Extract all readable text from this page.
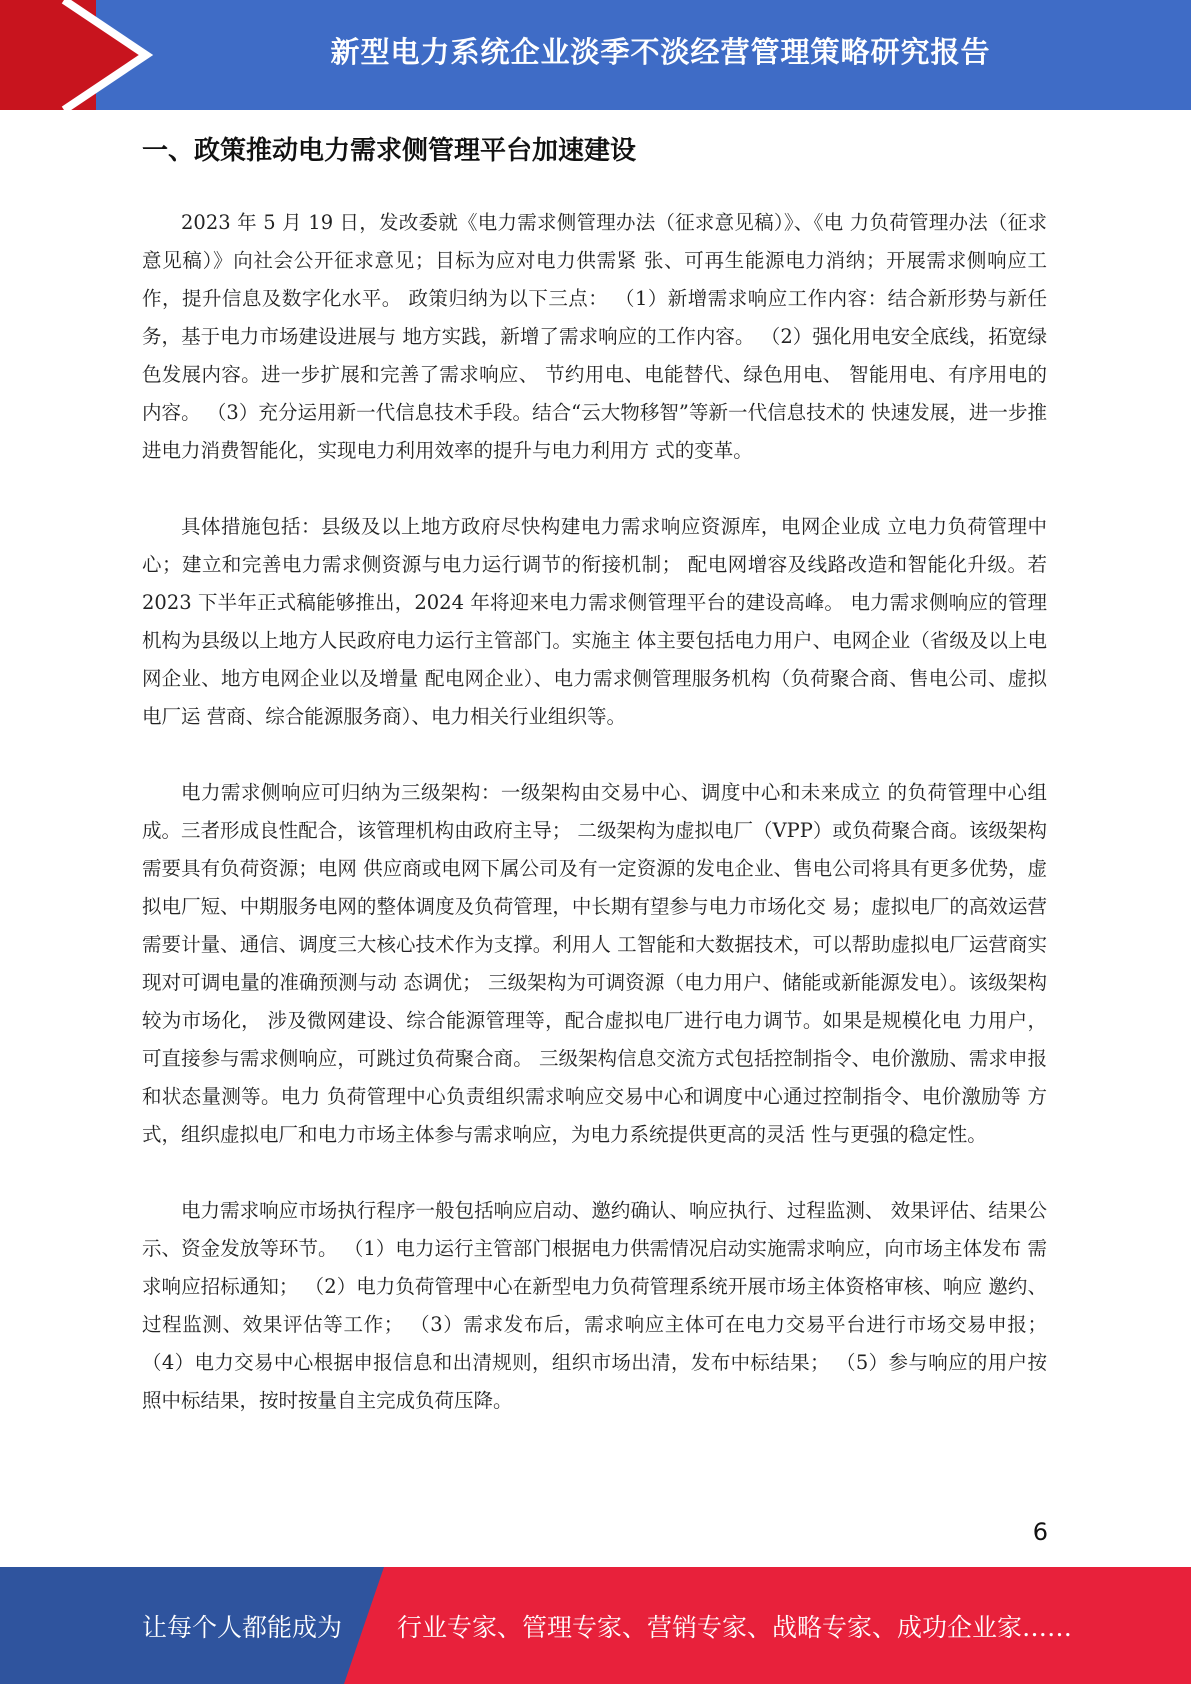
新型电力系统企业淡季不淡经营管理策略研究报告
一、政策推动电力需求侧管理平台加速建设

2023 年 5 月 19 日，发改委就《电力需求侧管理办法（征求意见稿）》、《电 力负荷管理办法（征求意见稿）》向社会公开征求意见；目标为应对电力供需紧 张、可再生能源电力消纳；开展需求侧响应工作，提升信息及数字化水平。 政策归纳为以下三点： （1）新增需求响应工作内容：结合新形势与新任务，基于电力市场建设进展与 地方实践，新增了需求响应的工作内容。 （2）强化用电安全底线，拓宽绿色发展内容。进一步扩展和完善了需求响应、 节约用电、电能替代、绿色用电、 智能用电、有序用电的内容。 （3）充分运用新一代信息技术手段。结合“云大物移智”等新一代信息技术的 快速发展，进一步推进电力消费智能化，实现电力利用效率的提升与电力利用方 式的变革。

具体措施包括：县级及以上地方政府尽快构建电力需求响应资源库，电网企业成 立电力负荷管理中心；建立和完善电力需求侧资源与电力运行调节的衔接机制； 配电网增容及线路改造和智能化升级。若 2023 下半年正式稿能够推出，2024 年将迎来电力需求侧管理平台的建设高峰。 电力需求侧响应的管理机构为县级以上地方人民政府电力运行主管部门。实施主 体主要包括电力用户、电网企业（省级及以上电网企业、地方电网企业以及增量 配电网企业）、电力需求侧管理服务机构（负荷聚合商、售电公司、虚拟电厂运 营商、综合能源服务商）、电力相关行业组织等。

电力需求侧响应可归纳为三级架构：一级架构由交易中心、调度中心和未来成立 的负荷管理中心组成。三者形成良性配合，该管理机构由政府主导； 二级架构为虚拟电厂（VPP）或负荷聚合商。该级架构需要具有负荷资源；电网 供应商或电网下属公司及有一定资源的发电企业、售电公司将具有更多优势，虚 拟电厂短、中期服务电网的整体调度及负荷管理，中长期有望参与电力市场化交 易；虚拟电厂的高效运营需要计量、通信、调度三大核心技术作为支撑。利用人 工智能和大数据技术，可以帮助虚拟电厂运营商实现对可调电量的准确预测与动 态调优； 三级架构为可调资源（电力用户、储能或新能源发电）。该级架构较为市场化， 涉及微网建设、综合能源管理等，配合虚拟电厂进行电力调节。如果是规模化电 力用户，可直接参与需求侧响应，可跳过负荷聚合商。 三级架构信息交流方式包括控制指令、电价激励、需求申报和状态量测等。电力 负荷管理中心负责组织需求响应交易中心和调度中心通过控制指令、电价激励等 方式，组织虚拟电厂和电力市场主体参与需求响应，为电力系统提供更高的灵活 性与更强的稳定性。

电力需求响应市场执行程序一般包括响应启动、邀约确认、响应执行、过程监测、 效果评估、结果公示、资金发放等环节。 （1）电力运行主管部门根据电力供需情况启动实施需求响应，向市场主体发布 需求响应招标通知； （2）电力负荷管理中心在新型电力负荷管理系统开展市场主体资格审核、响应 邀约、过程监测、效果评估等工作； （3）需求发布后，需求响应主体可在电力交易平台进行市场交易申报； （4）电力交易中心根据申报信息和出清规则，组织市场出清，发布中标结果； （5）参与响应的用户按照中标结果，按时按量自主完成负荷压降。

6
让每个人都能成为 行业专家、管理专家、营销专家、战略专家、成功企业家……
